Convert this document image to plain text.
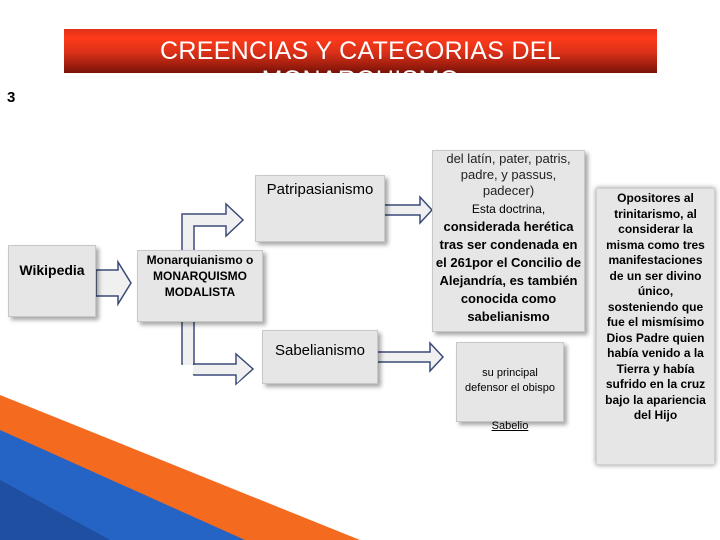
CREENCIAS Y CATEGORIAS DEL MONARQUISMO
3
Wikipedia
Monarquianismo o MONARQUISMO MODALISTA
Patripasianismo
Sabelianismo
del latín, pater, patris, padre, y passus, padecer)
Esta doctrina,
considerada herética tras ser condenada en el 261por el Concilio de Alejandría, es también conocida como sabelianismo
su principal defensor el obispo
Sabelio
Opositores al trinitarismo, al considerar la misma como tres manifestaciones de un ser divino único, sosteniendo que fue el mismísimo Dios Padre quien había venido a la Tierra y había sufrido en la cruz bajo la apariencia del Hijo
